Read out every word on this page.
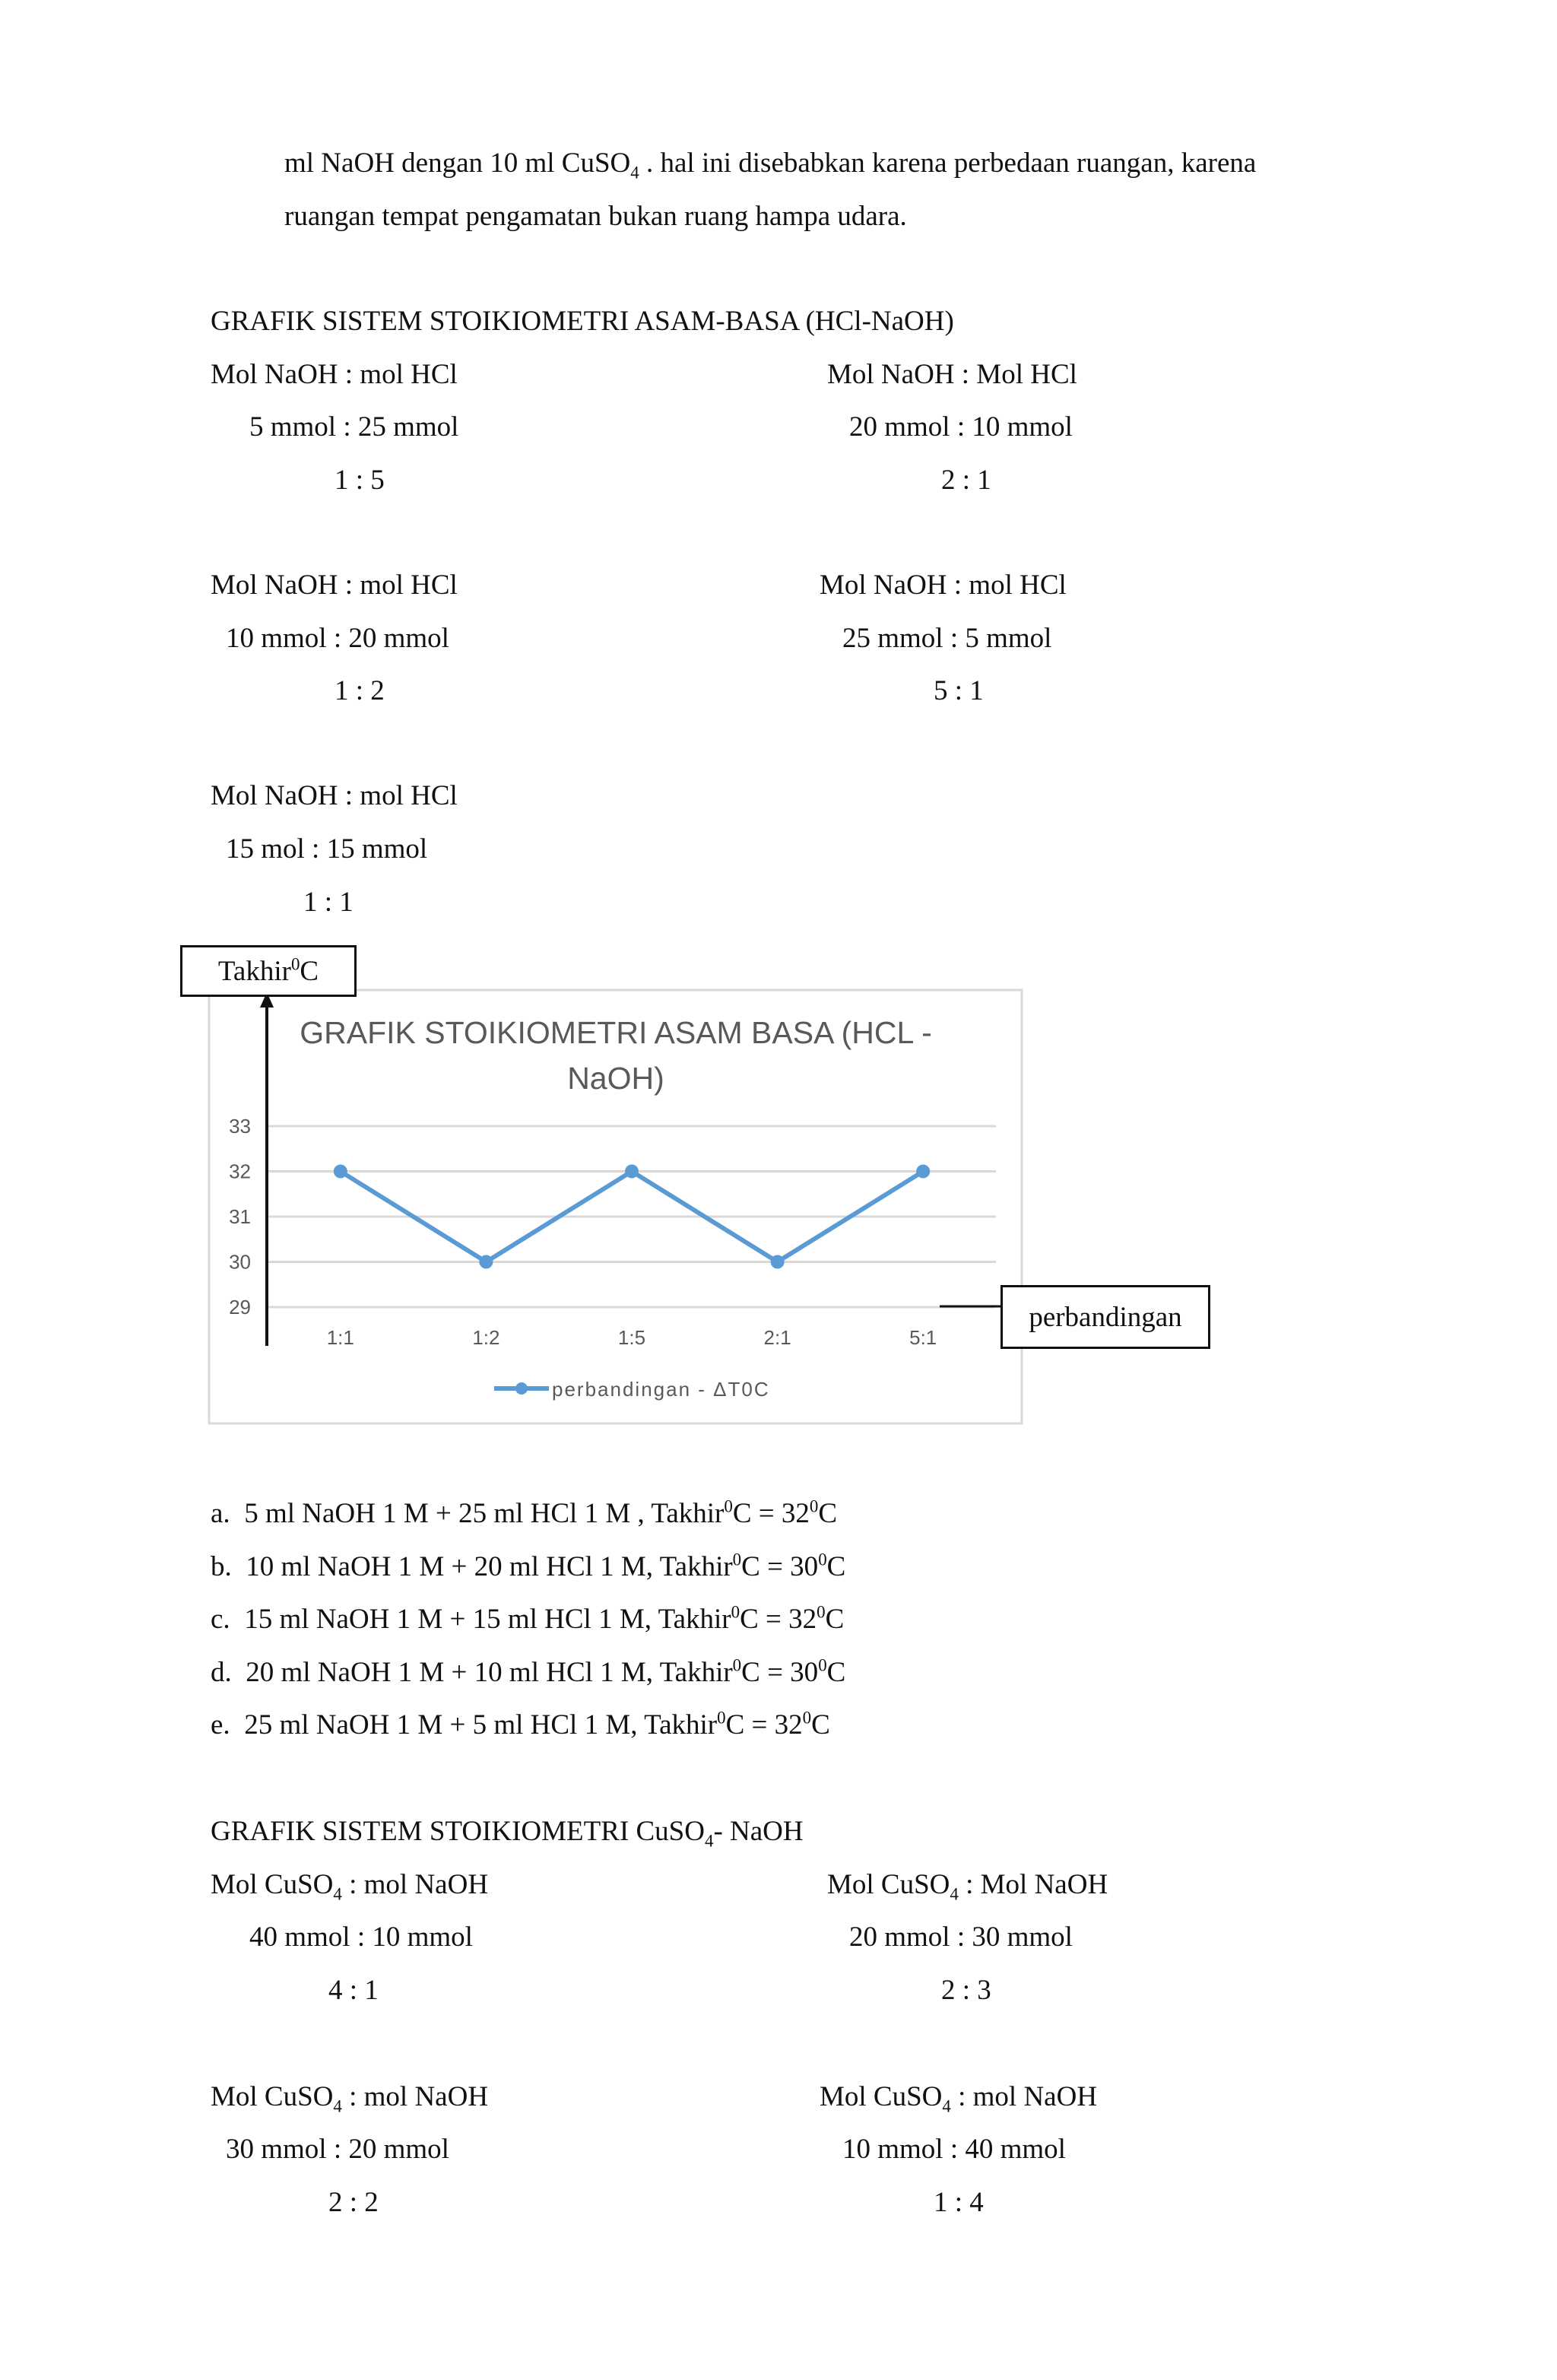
ml NaOH dengan 10 ml CuSO$_4$ . hal ini disebabkan karena perbedaan ruangan, karena
ruangan tempat pengamatan bukan ruang hampa udara.
GRAFIK SISTEM STOIKIOMETRI ASAM-BASA (HCl-NaOH)
Mol NaOH : mol HCl
5 mmol : 25 mmol
1 : 5
Mol NaOH : Mol HCl
20 mmol : 10 mmol
2 : 1
Mol NaOH : mol HCl
10 mmol : 20 mmol
1 : 2
Mol NaOH : mol HCl
25 mmol : 5 mmol
5 : 1
Mol NaOH : mol HCl
15 mol : 15 mmol
1 : 1
GRAFIK STOIKIOMETRI ASAM BASA (HCL -
NaOH)
29
30
31
32
33
1:1	1:2	1:5	2:1	5:1
perbandingan - ΔT0C
Takhir$^0$C
perbandingan
a. 5 ml NaOH 1 M + 25 ml HCl 1 M , Takhir$^0$C = $32^0C$
b. 10 ml NaOH 1 M + 20 ml HCl 1 M, Takhir$^0$C = $30^0C$
c. 15 ml NaOH 1 M + 15 ml HCl 1 M, Takhir$^0$C = $32^0C$
d. 20 ml NaOH 1 M + 10 ml HCl 1 M, Takhir$^0$C = $30^0C$
e. 25 ml NaOH 1 M + 5 ml HCl 1 M, Takhir$^0$C = $32^0C$
GRAFIK SISTEM STOIKIOMETRI CuSO$_4$- NaOH
Mol CuSO$_4$ : mol NaOH
40 mmol : 10 mmol
4 : 1
Mol CuSO$_4$ : Mol NaOH
20 mmol : 30 mmol
2 : 3
Mol CuSO$_4$ : mol NaOH
30 mmol : 20 mmol
2 : 2
Mol CuSO$_4$ : mol NaOH
10 mmol : 40 mmol
1 : 4
